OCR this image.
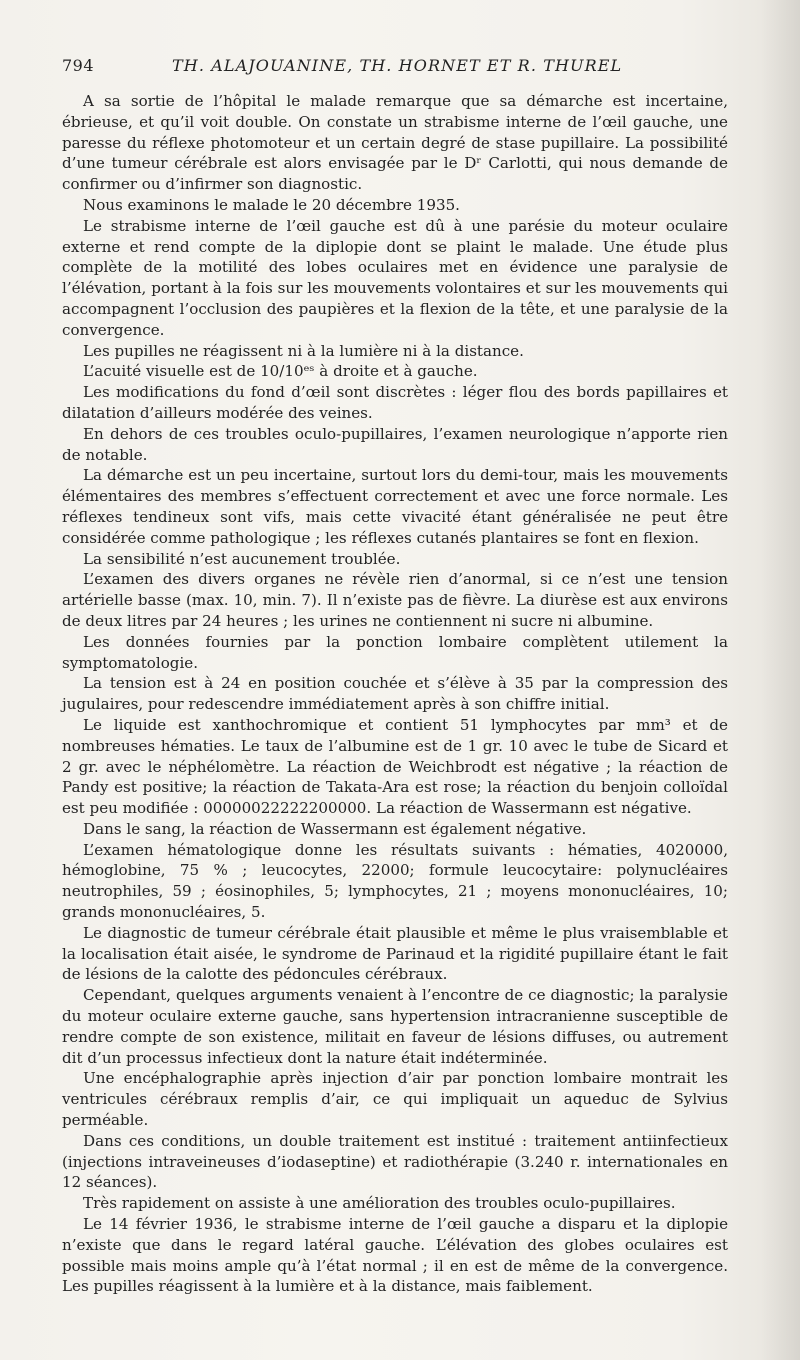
794	TH. ALAJOUANINE, TH. HORNET ET R. THUREL

A sa sortie de l’hôpital le malade remarque que sa démarche est incertaine, ébrieuse, et qu’il voit double. On constate un strabisme interne de l’œil gauche, une paresse du réflexe photomoteur et un certain degré de stase pupillaire. La possibilité d’une tumeur cérébrale est alors envisagée par le Dʳ Carlotti, qui nous demande de confirmer ou d’infirmer son diagnostic.

Nous examinons le malade le 20 décembre 1935.

Le strabisme interne de l’œil gauche est dû à une parésie du moteur oculaire externe et rend compte de la diplopie dont se plaint le malade. Une étude plus complète de la motilité des lobes oculaires met en évidence une paralysie de l’élévation, portant à la fois sur les mouvements volontaires et sur les mouvements qui accompagnent l’occlusion des paupières et la flexion de la tête, et une paralysie de la convergence.

Les pupilles ne réagissent ni à la lumière ni à la distance.

L’acuité visuelle est de 10/10ᵉˢ à droite et à gauche.

Les modifications du fond d’œil sont discrètes : léger flou des bords papillaires et dilatation d’ailleurs modérée des veines.

En dehors de ces troubles oculo-pupillaires, l’examen neurologique n’apporte rien de notable.

La démarche est un peu incertaine, surtout lors du demi-tour, mais les mouvements élémentaires des membres s’effectuent correctement et avec une force normale. Les réflexes tendineux sont vifs, mais cette vivacité étant généralisée ne peut être considérée comme pathologique ; les réflexes cutanés plantaires se font en flexion.

La sensibilité n’est aucunement troublée.

L’examen des divers organes ne révèle rien d’anormal, si ce n’est une tension artérielle basse (max. 10, min. 7). Il n’existe pas de fièvre. La diurèse est aux environs de deux litres par 24 heures ; les urines ne contiennent ni sucre ni albumine.

Les données fournies par la ponction lombaire complètent utilement la symptomatologie.

La tension est à 24 en position couchée et s’élève à 35 par la compression des jugulaires, pour redescendre immédiatement après à son chiffre initial.

Le liquide est xanthochromique et contient 51 lymphocytes par mm³ et de nombreuses hématies. Le taux de l’albumine est de 1 gr. 10 avec le tube de Sicard et 2 gr. avec le néphélomètre. La réaction de Weichbrodt est négative ; la réaction de Pandy est positive; la réaction de Takata-Ara est rose; la réaction du benjoin colloïdal est peu modifiée : 00000022222200000. La réaction de Wassermann est négative.

Dans le sang, la réaction de Wassermann est également négative.

L’examen hématologique donne les résultats suivants : hématies, 4020000, hémoglobine, 75 % ; leucocytes, 22000; formule leucocytaire: polynucléaires neutrophiles, 59 ; éosinophiles, 5; lymphocytes, 21 ; moyens mononucléaires, 10; grands mononucléaires, 5.

Le diagnostic de tumeur cérébrale était plausible et même le plus vraisemblable et la localisation était aisée, le syndrome de Parinaud et la rigidité pupillaire étant le fait de lésions de la calotte des pédoncules cérébraux.

Cependant, quelques arguments venaient à l’encontre de ce diagnostic; la paralysie du moteur oculaire externe gauche, sans hypertension intracranienne susceptible de rendre compte de son existence, militait en faveur de lésions diffuses, ou autrement dit d’un processus infectieux dont la nature était indéterminée.

Une encéphalographie après injection d’air par ponction lombaire montrait les ventricules cérébraux remplis d’air, ce qui impliquait un aqueduc de Sylvius perméable.

Dans ces conditions, un double traitement est institué : traitement antiinfectieux (injections intraveineuses d’iodaseptine) et radiothérapie (3.240 r. internationales en 12 séances).

Très rapidement on assiste à une amélioration des troubles oculo-pupillaires.

Le 14 février 1936, le strabisme interne de l’œil gauche a disparu et la diplopie n’existe que dans le regard latéral gauche. L’élévation des globes oculaires est possible mais moins ample qu’à l’état normal ; il en est de même de la convergence. Les pupilles réagissent à la lumière et à la distance, mais faiblement.
